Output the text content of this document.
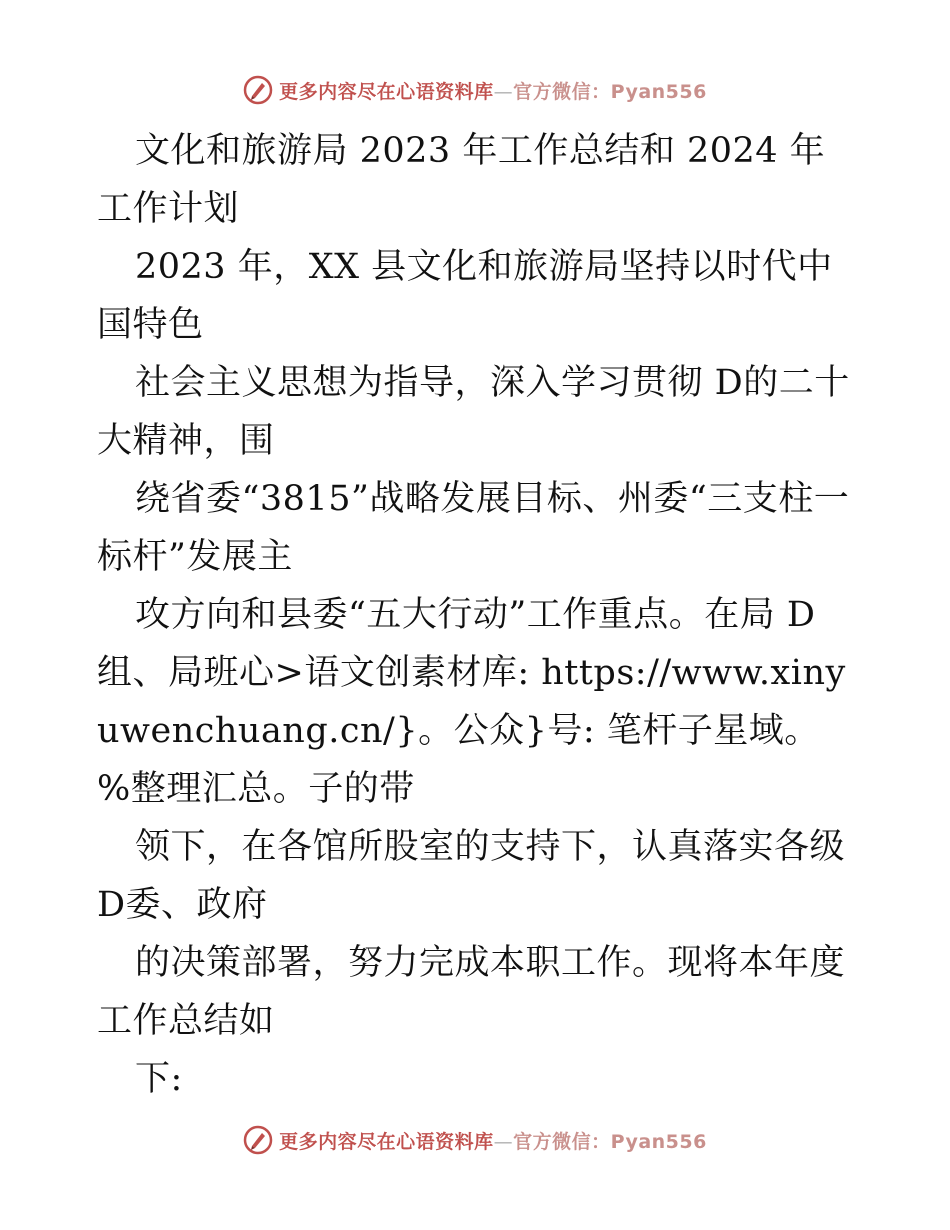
更多内容尽在心语资料库—官方微信：Pyan556

文化和旅游局 2023 年工作总结和 2024 年工作计划

2023 年，XX 县文化和旅游局坚持以时代中国特色

社会主义思想为指导，深入学习贯彻 D的二十大精神，围

绕省委“3815”战略发展目标、州委“三支柱一标杆”发展主

攻方向和县委“五大行动”工作重点。在局 D组、局班心>语文创素材库: https://www.xinyuwenchuang.cn/}。公众}号: 笔杆子星域。%整理汇总。子的带

领下，在各馆所股室的支持下，认真落实各级 D委、政府

的决策部署，努力完成本职工作。现将本年度工作总结如

下:

更多内容尽在心语资料库—官方微信：Pyan556
